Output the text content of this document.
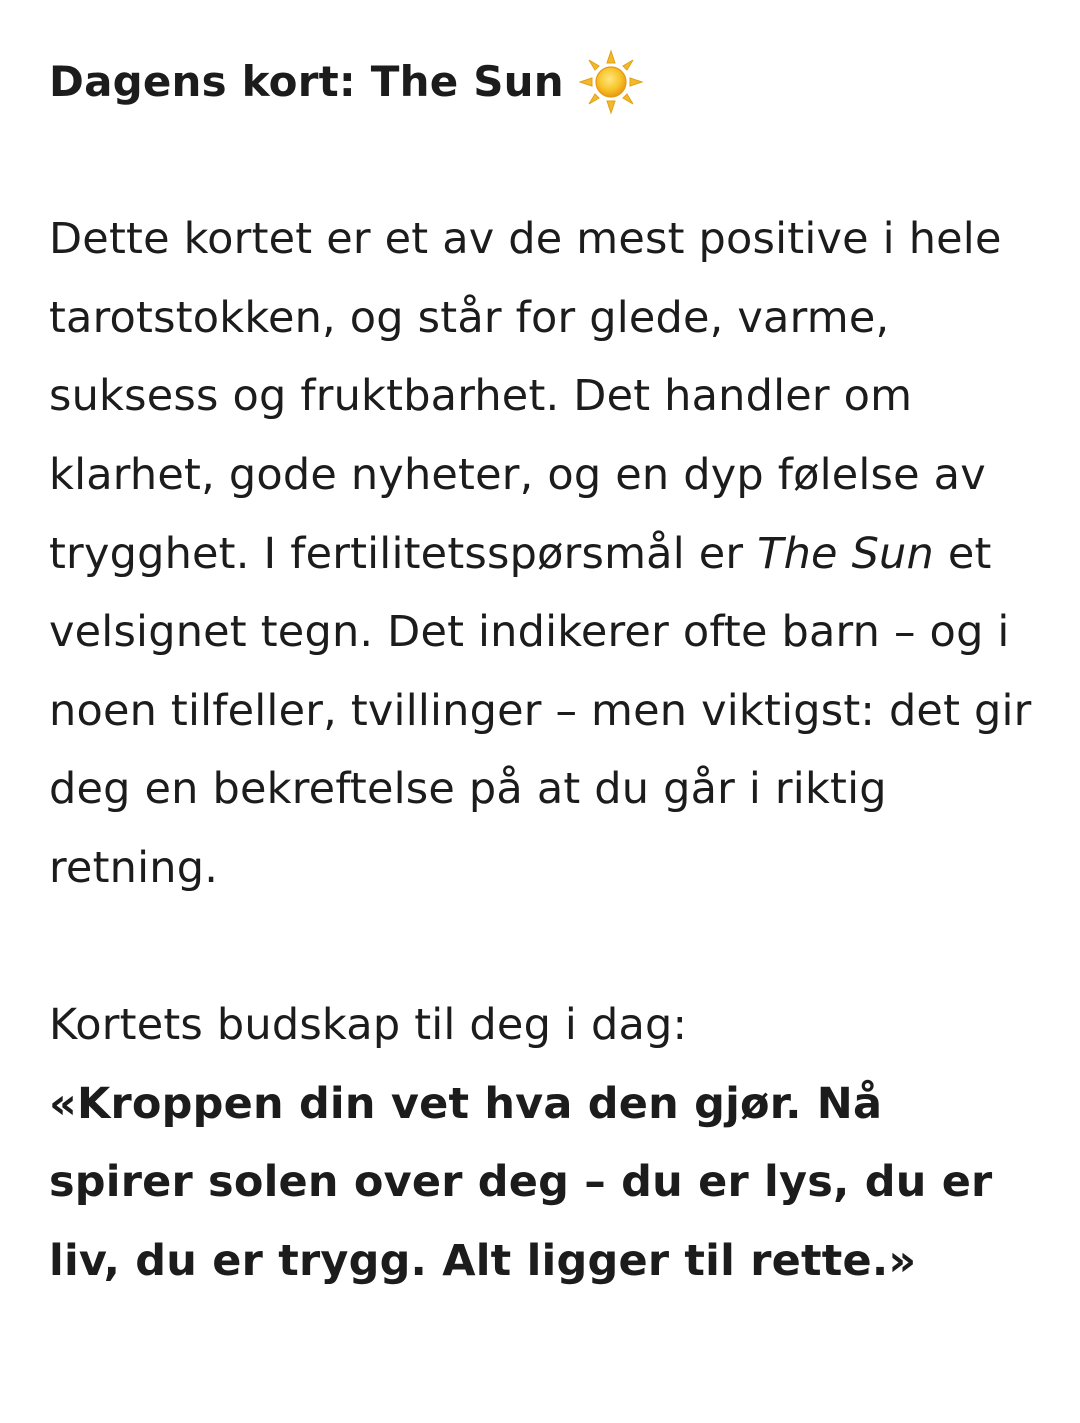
Dagens kort: The Sun

Dette kortet er et av de mest positive i hele tarotstokken, og står for glede, varme, suksess og fruktbarhet. Det handler om klarhet, gode nyheter, og en dyp følelse av trygghet. I fertilitetsspørsmål er The Sun et velsignet tegn. Det indikerer ofte barn – og i noen tilfeller, tvillinger – men viktigst: det gir deg en bekreftelse på at du går i riktig retning.

Kortets budskap til deg i dag:

«Kroppen din vet hva den gjør. Nå spirer solen over deg – du er lys, du er liv, du er trygg. Alt ligger til rette.»
